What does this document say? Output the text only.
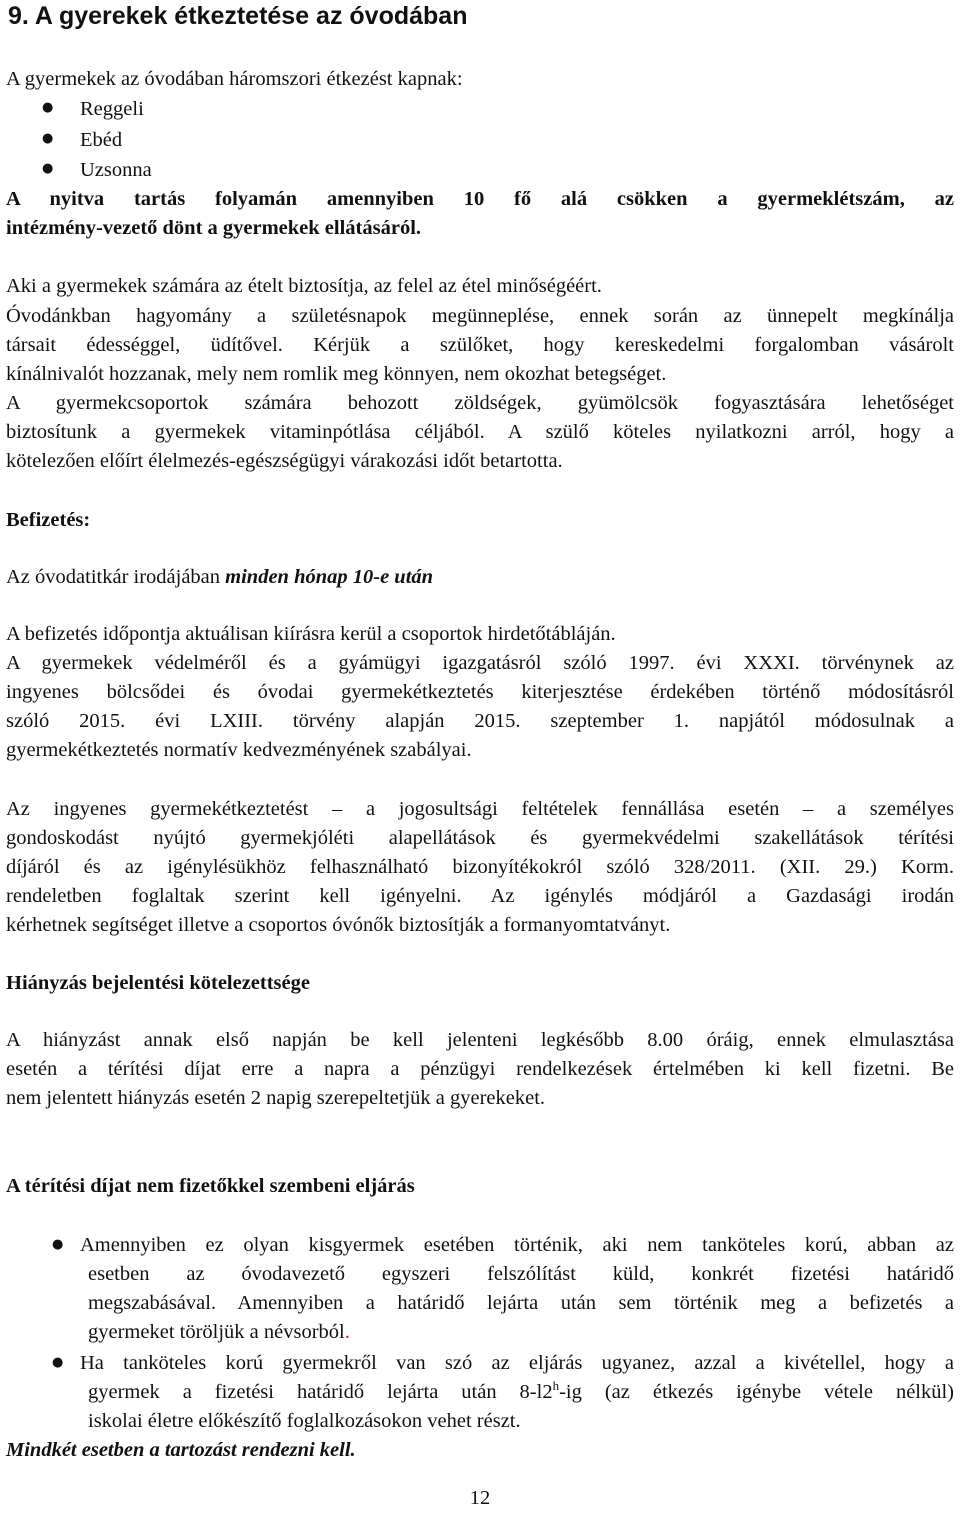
9. A gyerekek étkeztetése az óvodában
A gyermekek az óvodában háromszori étkezést kapnak:
● Reggeli
● Ebéd
● Uzsonna
A nyitva tartás folyamán amennyiben 10 fő alá csökken a gyermeklétszám, az
intézmény-vezető dönt a gyermekek ellátásáról.
Aki a gyermekek számára az ételt biztosítja, az felel az étel minőségéért.
Óvodánkban hagyomány a születésnapok megünneplése, ennek során az ünnepelt megkínálja
társait édességgel, üdítővel. Kérjük a szülőket, hogy kereskedelmi forgalomban vásárolt
kínálnivalót hozzanak, mely nem romlik meg könnyen, nem okozhat betegséget.
A gyermekcsoportok számára behozott zöldségek, gyümölcsök fogyasztására lehetőséget
biztosítunk a gyermekek vitaminpótlása céljából. A szülő köteles nyilatkozni arról, hogy a
kötelezően előírt élelmezés-egészségügyi várakozási időt betartotta.
Befizetés:
Az óvodatitkár irodájában minden hónap 10-e után
A befizetés időpontja aktuálisan kiírásra kerül a csoportok hirdetőtábláján.
A gyermekek védelméről és a gyámügyi igazgatásról szóló 1997. évi XXXI. törvénynek az
ingyenes bölcsődei és óvodai gyermekétkeztetés kiterjesztése érdekében történő módosításról
szóló 2015. évi LXIII. törvény alapján 2015. szeptember 1. napjától módosulnak a
gyermekétkeztetés normatív kedvezményének szabályai.
Az ingyenes gyermekétkeztetést – a jogosultsági feltételek fennállása esetén – a személyes
gondoskodást nyújtó gyermekjóléti alapellátások és gyermekvédelmi szakellátások térítési
díjáról és az igénylésükhöz felhasználható bizonyítékokról szóló 328/2011. (XII. 29.) Korm.
rendeletben foglaltak szerint kell igényelni. Az igénylés módjáról a Gazdasági irodán
kérhetnek segítséget illetve a csoportos óvónők biztosítják a formanyomtatványt.
Hiányzás bejelentési kötelezettsége
A hiányzást annak első napján be kell jelenteni legkésőbb 8.00 óráig, ennek elmulasztása
esetén a térítési díjat erre a napra a pénzügyi rendelkezések értelmében ki kell fizetni. Be
nem jelentett hiányzás esetén 2 napig szerepeltetjük a gyerekeket.
A térítési díjat nem fizetőkkel szembeni eljárás
● Amennyiben ez olyan kisgyermek esetében történik, aki nem tanköteles korú, abban az
esetben az óvodavezető egyszeri felszólítást küld, konkrét fizetési határidő
megszabásával. Amennyiben a határidő lejárta után sem történik meg a befizetés a
gyermeket töröljük a névsorból.
● Ha tanköteles korú gyermekről van szó az eljárás ugyanez, azzal a kivétellel, hogy a
gyermek a fizetési határidő lejárta után 8-l2$^h$-ig (az étkezés igénybe vétele nélkül)
iskolai életre előkészítő foglalkozásokon vehet részt.
Mindkét esetben a tartozást rendezni kell.
12
